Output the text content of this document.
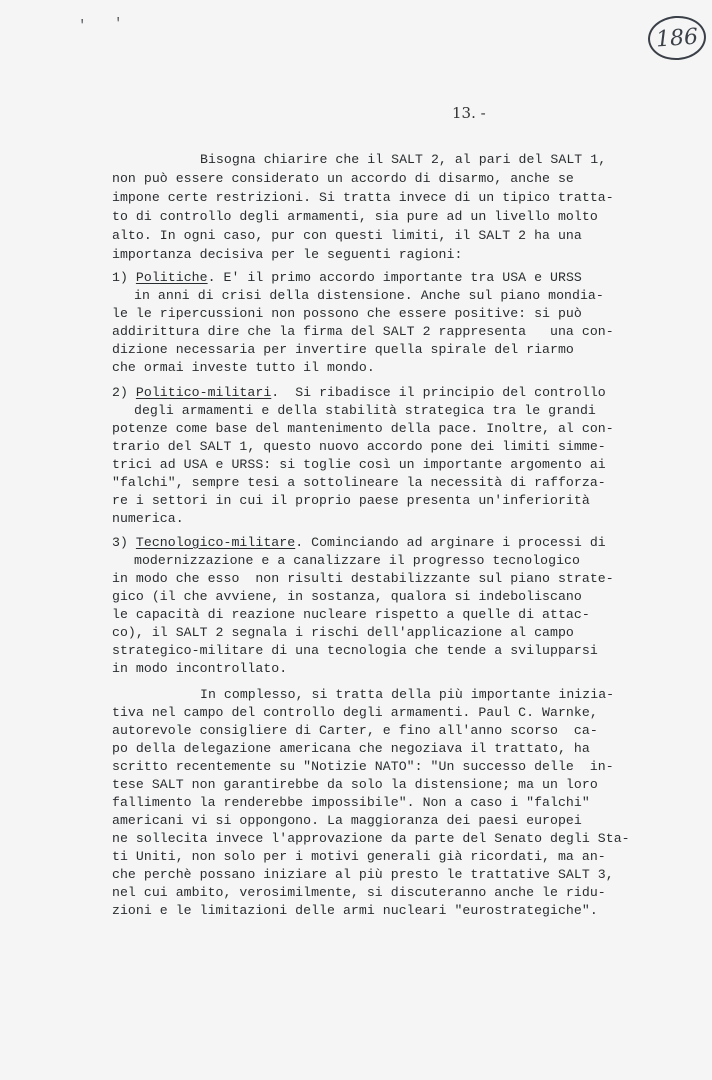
' '
186
13. -
Bisogna chiarire che il SALT 2, al pari del SALT 1,
non può essere considerato un accordo di disarmo, anche se
impone certe restrizioni. Si tratta invece di un tipico tratta-
to di controllo degli armamenti, sia pure ad un livello molto
alto. In ogni caso, pur con questi limiti, il SALT 2 ha una
importanza decisiva per le seguenti ragioni:
1) Politiche. E' il primo accordo importante tra USA e URSS
in anni di crisi della distensione. Anche sul piano mondia-
le le ripercussioni non possono che essere positive: si può
addirittura dire che la firma del SALT 2 rappresenta   una con-
dizione necessaria per invertire quella spirale del riarmo
che ormai investe tutto il mondo.
2) Politico-militari.  Si ribadisce il principio del controllo
degli armamenti e della stabilità strategica tra le grandi
potenze come base del mantenimento della pace. Inoltre, al con-
trario del SALT 1, questo nuovo accordo pone dei limiti simme-
trici ad USA e URSS: si toglie così un importante argomento ai
"falchi", sempre tesi a sottolineare la necessità di rafforza-
re i settori in cui il proprio paese presenta un'inferiorità
numerica.
3) Tecnologico-militare. Cominciando ad arginare i processi di
modernizzazione e a canalizzare il progresso tecnologico
in modo che esso  non risulti destabilizzante sul piano strate-
gico (il che avviene, in sostanza, qualora si indeboliscano
le capacità di reazione nucleare rispetto a quelle di attac-
co), il SALT 2 segnala i rischi dell'applicazione al campo
strategico-militare di una tecnologia che tende a svilupparsi
in modo incontrollato.
In complesso, si tratta della più importante inizia-
tiva nel campo del controllo degli armamenti. Paul C. Warnke,
autorevole consigliere di Carter, e fino all'anno scorso  ca-
po della delegazione americana che negoziava il trattato, ha
scritto recentemente su "Notizie NATO": "Un successo delle  in-
tese SALT non garantirebbe da solo la distensione; ma un loro
fallimento la renderebbe impossibile". Non a caso i "falchi"
americani vi si oppongono. La maggioranza dei paesi europei
ne sollecita invece l'approvazione da parte del Senato degli Sta-
ti Uniti, non solo per i motivi generali già ricordati, ma an-
che perchè possano iniziare al più presto le trattative SALT 3,
nel cui ambito, verosimilmente, si discuteranno anche le ridu-
zioni e le limitazioni delle armi nucleari "eurostrategiche".
